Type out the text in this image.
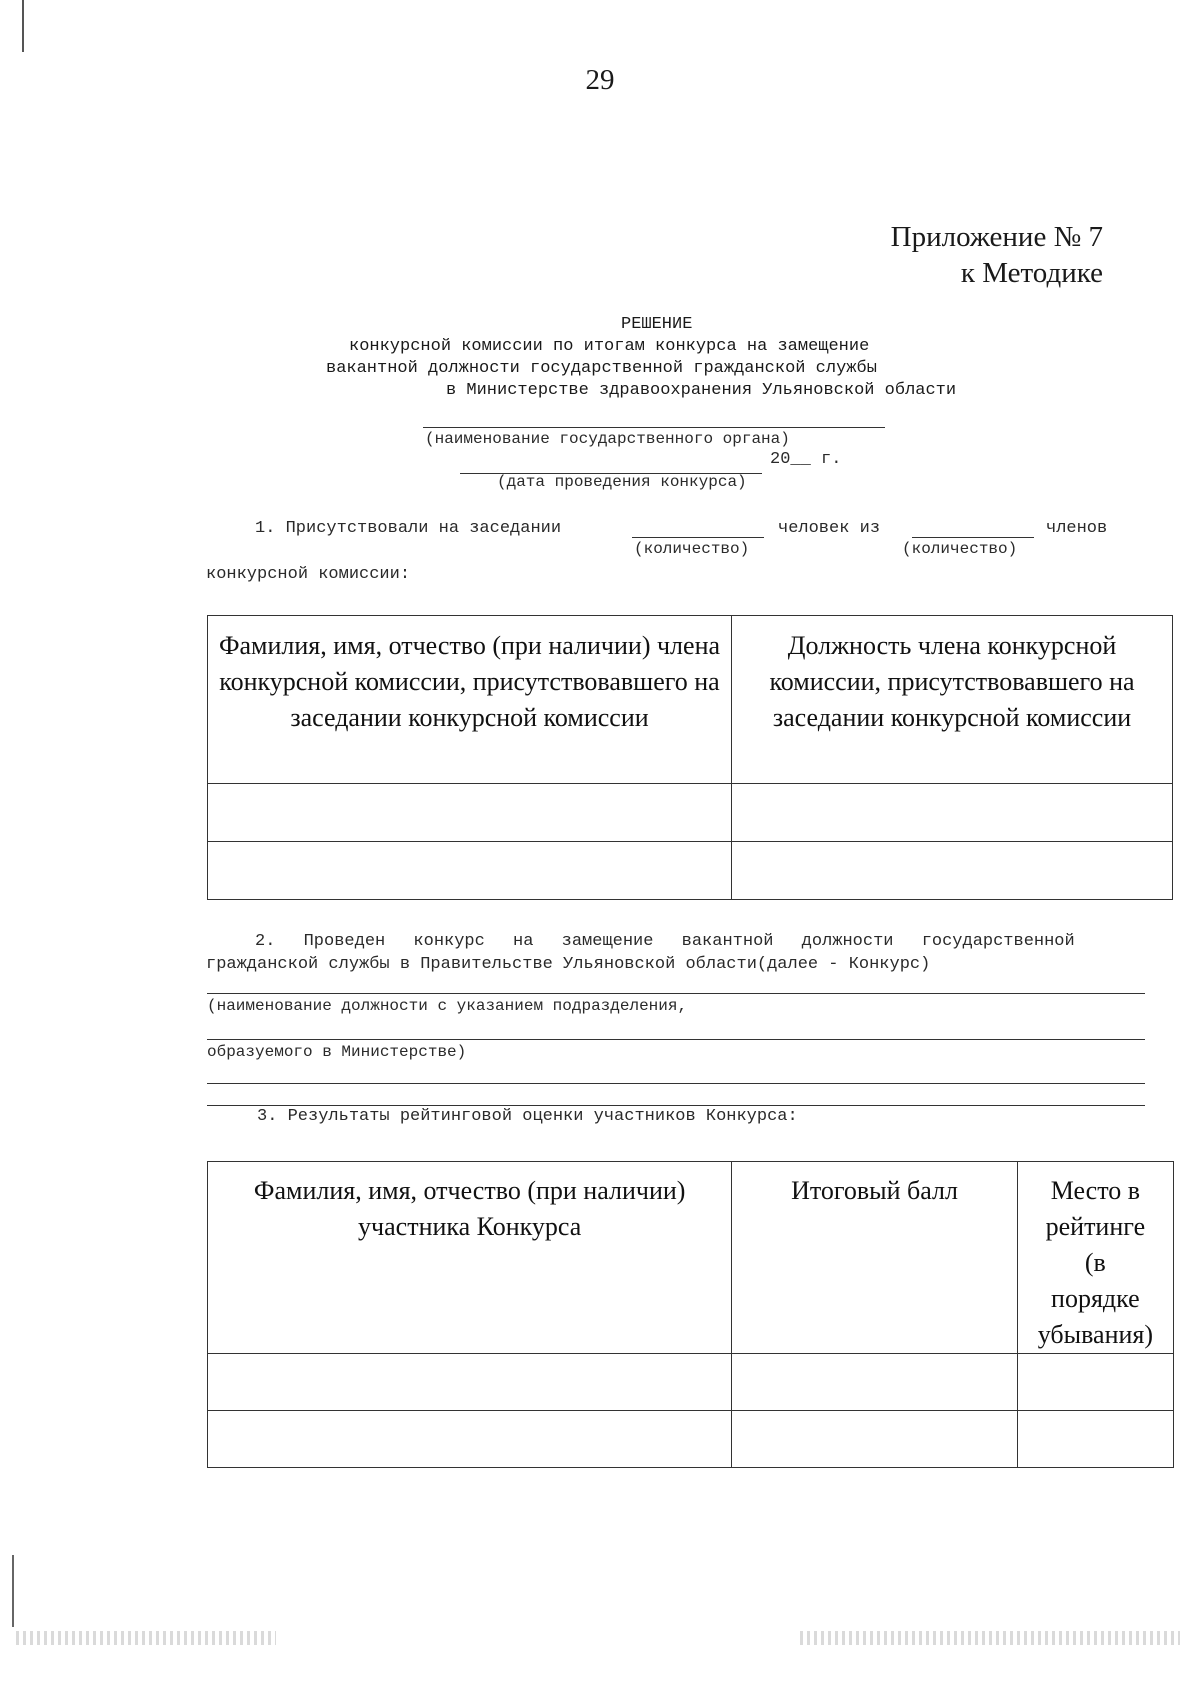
29
Приложение № 7
к Методике
РЕШЕНИЕ
конкурсной комиссии по итогам конкурса на замещение
вакантной должности государственной гражданской службы
в Министерстве здравоохранения Ульяновской области
(наименование государственного органа)
20__ г.
(дата проведения конкурса)
1. Присутствовали на заседании	человек из	членов
(количество)	(количество)
конкурсной комиссии:
Фамилия, имя, отчество (при наличии) члена конкурсной комиссии, присутствовавшего на заседании конкурсной комиссии	Должность члена конкурсной комиссии, присутствовавшего на заседании конкурсной комиссии

2. Проведен конкурс на замещение вакантной должности государственной
гражданской службы в Правительстве Ульяновской области(далее - Конкурс)
(наименование должности с указанием подразделения,
образуемого в Министерстве)
3. Результаты рейтинговой оценки участников Конкурса:
Фамилия, имя, отчество (при наличии) участника Конкурса	Итоговый балл	Место в рейтинге (в порядке убывания)
